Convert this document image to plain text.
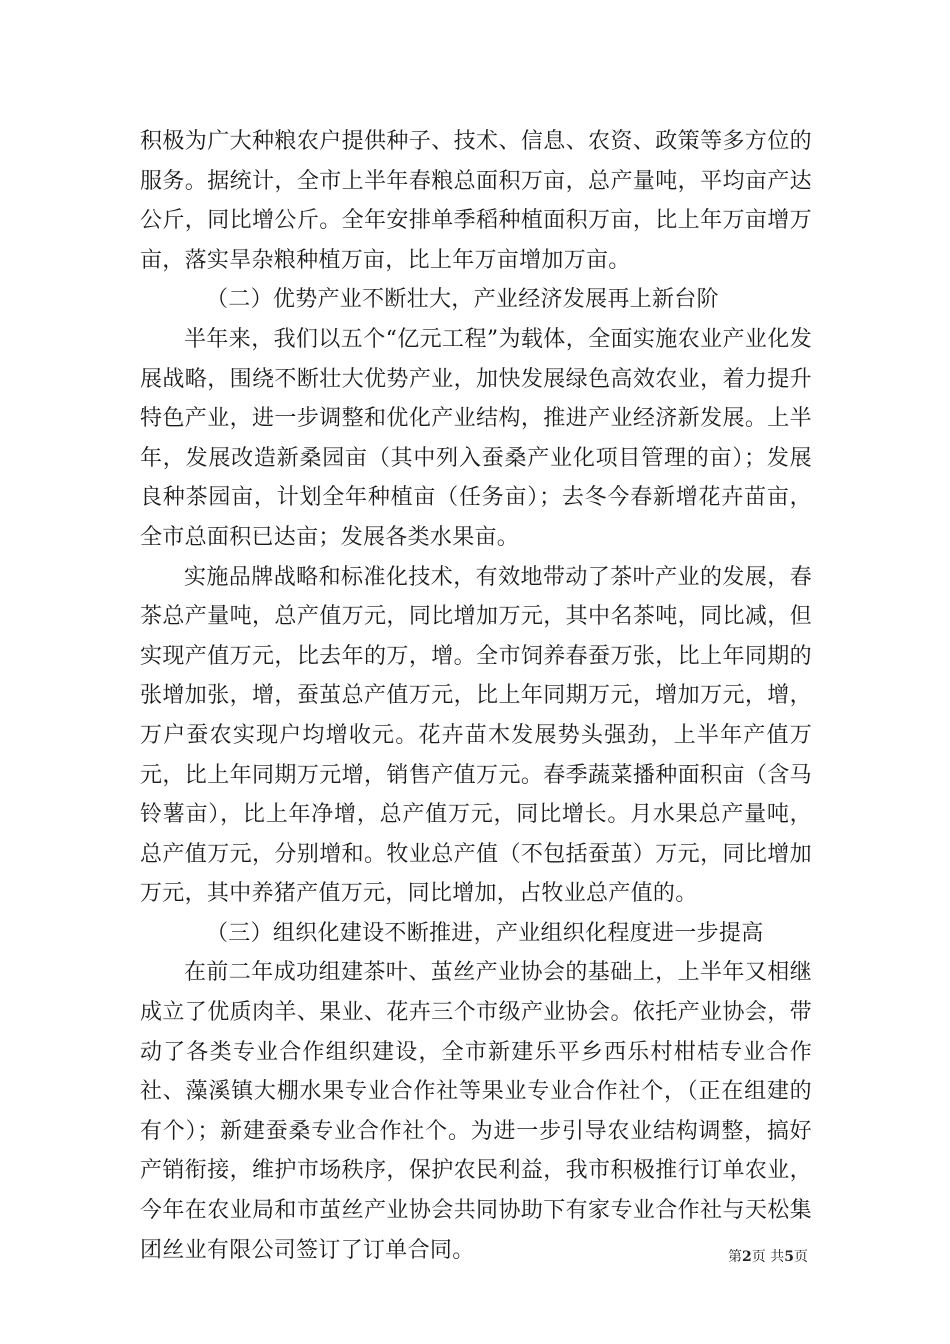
积极为广大种粮农户提供种子、技术、信息、农资、政策等多方位的服务。据统计，全市上半年春粮总面积万亩，总产量吨，平均亩产达公斤，同比增公斤。全年安排单季稻种植面积万亩，比上年万亩增万亩，落实旱杂粮种植万亩，比上年万亩增加万亩。

（二）优势产业不断壮大，产业经济发展再上新台阶

半年来，我们以五个“亿元工程”为载体，全面实施农业产业化发展战略，围绕不断壮大优势产业，加快发展绿色高效农业，着力提升特色产业，进一步调整和优化产业结构，推进产业经济新发展。上半年，发展改造新桑园亩（其中列入蚕桑产业化项目管理的亩）；发展良种茶园亩，计划全年种植亩（任务亩）；去冬今春新增花卉苗亩，全市总面积已达亩；发展各类水果亩。

实施品牌战略和标准化技术，有效地带动了茶叶产业的发展，春茶总产量吨，总产值万元，同比增加万元，其中名茶吨，同比减，但实现产值万元，比去年的万，增。全市饲养春蚕万张，比上年同期的张增加张，增，蚕茧总产值万元，比上年同期万元，增加万元，增，万户蚕农实现户均增收元。花卉苗木发展势头强劲，上半年产值万元，比上年同期万元增，销售产值万元。春季蔬菜播种面积亩（含马铃薯亩），比上年净增，总产值万元，同比增长。月水果总产量吨，总产值万元，分别增和。牧业总产值（不包括蚕茧）万元，同比增加万元，其中养猪产值万元，同比增加，占牧业总产值的。

（三）组织化建设不断推进，产业组织化程度进一步提高

在前二年成功组建茶叶、茧丝产业协会的基础上，上半年又相继成立了优质肉羊、果业、花卉三个市级产业协会。依托产业协会，带动了各类专业合作组织建设，全市新建乐平乡西乐村柑桔专业合作社、藻溪镇大棚水果专业合作社等果业专业合作社个，（正在组建的有个）；新建蚕桑专业合作社个。为进一步引导农业结构调整，搞好产销衔接，维护市场秩序，保护农民利益，我市积极推行订单农业，今年在农业局和市茧丝产业协会共同协助下有家专业合作社与天松集团丝业有限公司签订了订单合同。	第2页 共5页
